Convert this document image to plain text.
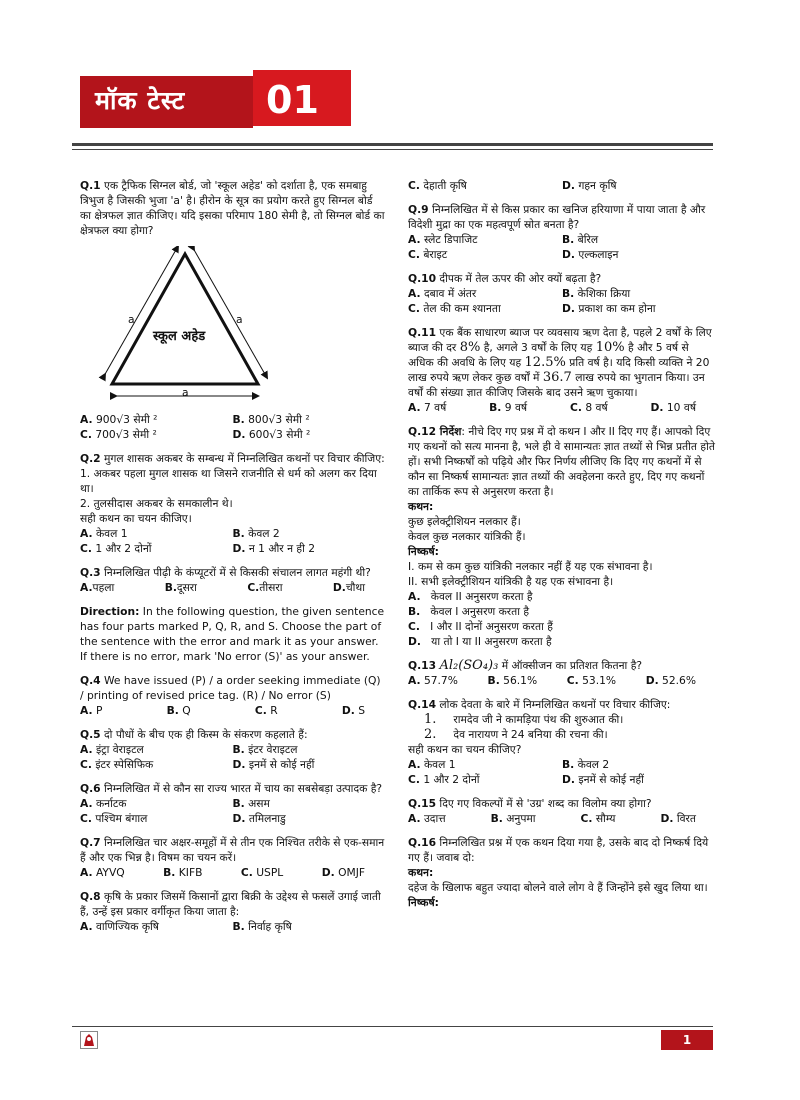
मॉक टेस्ट 01

Q.1 एक ट्रैफिक सिग्नल बोर्ड, जो 'स्कूल अहेड' को दर्शाता है, एक समबाहु त्रिभुज है जिसकी भुजा 'a' है। हीरोन के सूत्र का प्रयोग करते हुए सिग्नल बोर्ड का क्षेत्रफल ज्ञात कीजिए। यदि इसका परिमाप 180 सेमी है, तो सिग्नल बोर्ड का क्षेत्रफल क्या होगा?

स्कूल अहेड
a	a
a
A. 900√3 सेमी ²	B. 800√3 सेमी ²
C. 700√3 सेमी ²	D. 600√3 सेमी ²

Q.2 मुगल शासक अकबर के सम्बन्ध में निम्नलिखित कथनों पर विचार कीजिए:

1. अकबर पहला मुगल शासक था जिसने राजनीति से धर्म को अलग कर दिया था।

2. तुलसीदास अकबर के समकालीन थे।

सही कथन का चयन कीजिए।

A. केवल 1	B. केवल 2
C. 1 और 2 दोनों	D. न 1 और न ही 2

Q.3 निम्नलिखित पीढ़ी के कंप्यूटरों में से किसकी संचालन लागत महंगी थी?

A.पहला	B.दूसरा	C.तीसरा	D.चौथा

Direction: In the following question, the given sentence has four parts marked P, Q, R, and S. Choose the part of the sentence with the error and mark it as your answer. If there is no error, mark 'No error (S)' as your answer.

Q.4 We have issued (P) / a order seeking immediate (Q) / printing of revised price tag. (R) / No error (S)

A. P	B. Q	C. R	D. S

Q.5 दो पौधों के बीच एक ही किस्म के संकरण कहलाते हैं:

A. इंट्रा वेराइटल	B. इंटर वेराइटल
C. इंटर स्पेसिफिक	D. इनमें से कोई नहीं

Q.6 निम्नलिखित में से कौन सा राज्य भारत में चाय का सबसेबड़ा उत्पादक है?

A. कर्नाटक	B. असम
C. पश्चिम बंगाल	D. तमिलनाडु

Q.7 निम्नलिखित चार अक्षर-समूहों में से तीन एक निश्चित तरीके से एक-समान हैं और एक भिन्न है। विषम का चयन करें।

A. AYVQ	B. KIFB	C. USPL	D. OMJF

Q.8 कृषि के प्रकार जिसमें किसानों द्वारा बिक्री के उद्देश्य से फसलें उगाई जाती हैं, उन्हें इस प्रकार वर्गीकृत किया जाता है:

A. वाणिज्यिक कृषि	B. निर्वाह कृषि
C. देहाती कृषि	D. गहन कृषि

Q.9 निम्नलिखित में से किस प्रकार का खनिज हरियाणा में पाया जाता है और विदेशी मुद्रा का एक महत्वपूर्ण स्रोत बनता है?

A. स्लेट डिपाजिट	B. बेरिल
C. बेराइट	D. एल्कलाइन

Q.10 दीपक में तेल ऊपर की ओर क्यों बढ़ता है?

A. दबाव में अंतर	B. केशिका क्रिया
C. तेल की कम श्यानता	D. प्रकाश का कम होना

Q.11 एक बैंक साधारण ब्याज पर व्यवसाय ऋण देता है, पहले 2 वर्षों के लिए ब्याज की दर 8% है, अगले 3 वर्षों के लिए यह 10% है और 5 वर्ष से अधिक की अवधि के लिए यह 12.5% प्रति वर्ष है। यदि किसी व्यक्ति ने 20 लाख रुपये ऋण लेकर कुछ वर्षों में 36.7 लाख रुपये का भुगतान किया। उन वर्षों की संख्या ज्ञात कीजिए जिसके बाद उसने ऋण चुकाया।

A. 7 वर्ष	B. 9 वर्ष	C. 8 वर्ष	D. 10 वर्ष

Q.12 निर्देश: नीचे दिए गए प्रश्न में दो कथन I और II दिए गए हैं। आपको दिए गए कथनों को सत्य मानना है, भले ही वे सामान्यतः ज्ञात तथ्यों से भिन्न प्रतीत होते हों। सभी निष्कर्षों को पढ़िये और फिर निर्णय लीजिए कि दिए गए कथनों में से कौन सा निष्कर्ष सामान्यतः ज्ञात तथ्यों की अवहेलना करते हुए, दिए गए कथनों का तार्किक रूप से अनुसरण करता है।

कथन:

कुछ इलेक्ट्रीशियन नलकार हैं।

केवल कुछ नलकार यांत्रिकी हैं।

निष्कर्ष:

I. कम से कम कुछ यांत्रिकी नलकार नहीं हैं यह एक संभावना है।

II. सभी इलेक्ट्रीशियन यांत्रिकी है यह एक संभावना है।

A. केवल II अनुसरण करता है

B. केवल I अनुसरण करता है

C. I और II दोनों अनुसरण करता हैं

D. या तो I या II अनुसरण करता है

Q.13 Al₂(SO₄)₃ में ऑक्सीजन का प्रतिशत कितना है?

A. 57.7%	B. 56.1%	C. 53.1%	D. 52.6%

Q.14 लोक देवता के बारे में निम्नलिखित कथनों पर विचार कीजिए:

1. रामदेव जी ने कामड़िया पंथ की शुरुआत की।

2. देव नारायण ने 24 बनिया की रचना की।

सही कथन का चयन कीजिए?

A. केवल 1	B. केवल 2
C. 1 और 2 दोनों	D. इनमें से कोई नहीं

Q.15 दिए गए विकल्पों में से 'उग्र' शब्द का विलोम क्या होगा?

A. उदात्त	B. अनुपमा	C. सौम्य	D. विरत

Q.16 निम्नलिखित प्रश्न में एक कथन दिया गया है, उसके बाद दो निष्कर्ष दिये गए हैं। जवाब दो:

कथन:

दहेज के खिलाफ बहुत ज्यादा बोलने वाले लोग वे हैं जिन्होंने इसे खुद लिया था।

निष्कर्ष:

1
